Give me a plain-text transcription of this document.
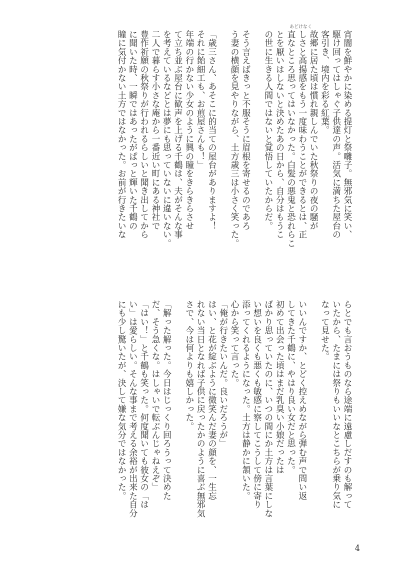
あどけなく
宵闇を鮮やかに染める提灯と祭囃子。無邪気に笑い、
駆け回ってはしゃぐ子供達の声。活気に満ちた屋台の
客引き、境内を彩る紅葉。
故郷に居た頃は慣れ親しんでいた秋祭りの夜の騒が
しさと高揚感をもう一度味わうことができるとは、正
直なところ思ってはいなかった。白髪の悪鬼と恐れらこ
とを厭いはしないと決めたあの日から、自分はもうこ
の世に生きる人間ではないと覚悟していたからだ。

そう言えばきっと不服そうに眉根を寄せるのであろ
う妻の横顔を見やりながら、土方歳三は小さく笑った。

「歳三さん、あそこに的当ての屋台がありますよ！
それに飴細工も、お煎屋さんも！」
年端の行かない少女のように興の瞳をきらきらさせ
て立ち並ぶ屋台に歓声を上げる千鶴は、夫がそんな事
を考えているなどとは夢にも思っていないに違いない。
二人で暮らす小さな庵から一番近い町にある神社で
豊作祈願の秋祭りが行われるらしいと聞き出してから
に聞いた時、一瞬ではあったがぱっと輝いた千鶴の
瞳に気付かない土方ではなかった。お前が行きたいな
らとでも言おうものなら途端に遠慮しだすのも解って
いたから、たまには祭りもいいなとこちらが乗り気に
なって見せた。

いいんですか、とどく控えめながら弾む声で問い返
してきた千鶴に、やはり良い女だと思った。
初めて出会った頃はまだ乳臭い小娘だったは
ばかり思っていたのに、いつの間にか土方は言葉にしな
い想いを良くも悪くも敏感に察してこうして傍に寄り
添ってくれるようになった。土方は静かに頷いた。
心から笑って言った。
「俺が行きたいんだ。良いだろうが」
はい、と花が綻ぶように微笑んだ妻の顔を、一生忘
れない当日となれば子供に戻ったかのように喜ぶ無邪気
さで、今は何よりも嬉しかった。

「解った解った。今日はじっくり回ろうって決めた
だ、そう急くな。はしゃいで転ぶんじゃねえぞ」
「はい！」と千鶴も笑った。何度聞いても彼女の「は
い」は愛らしい。そんな事まで考える余裕が出来た自分
にも少し驚いたが、決して嫌な気分ではなかった。
4
